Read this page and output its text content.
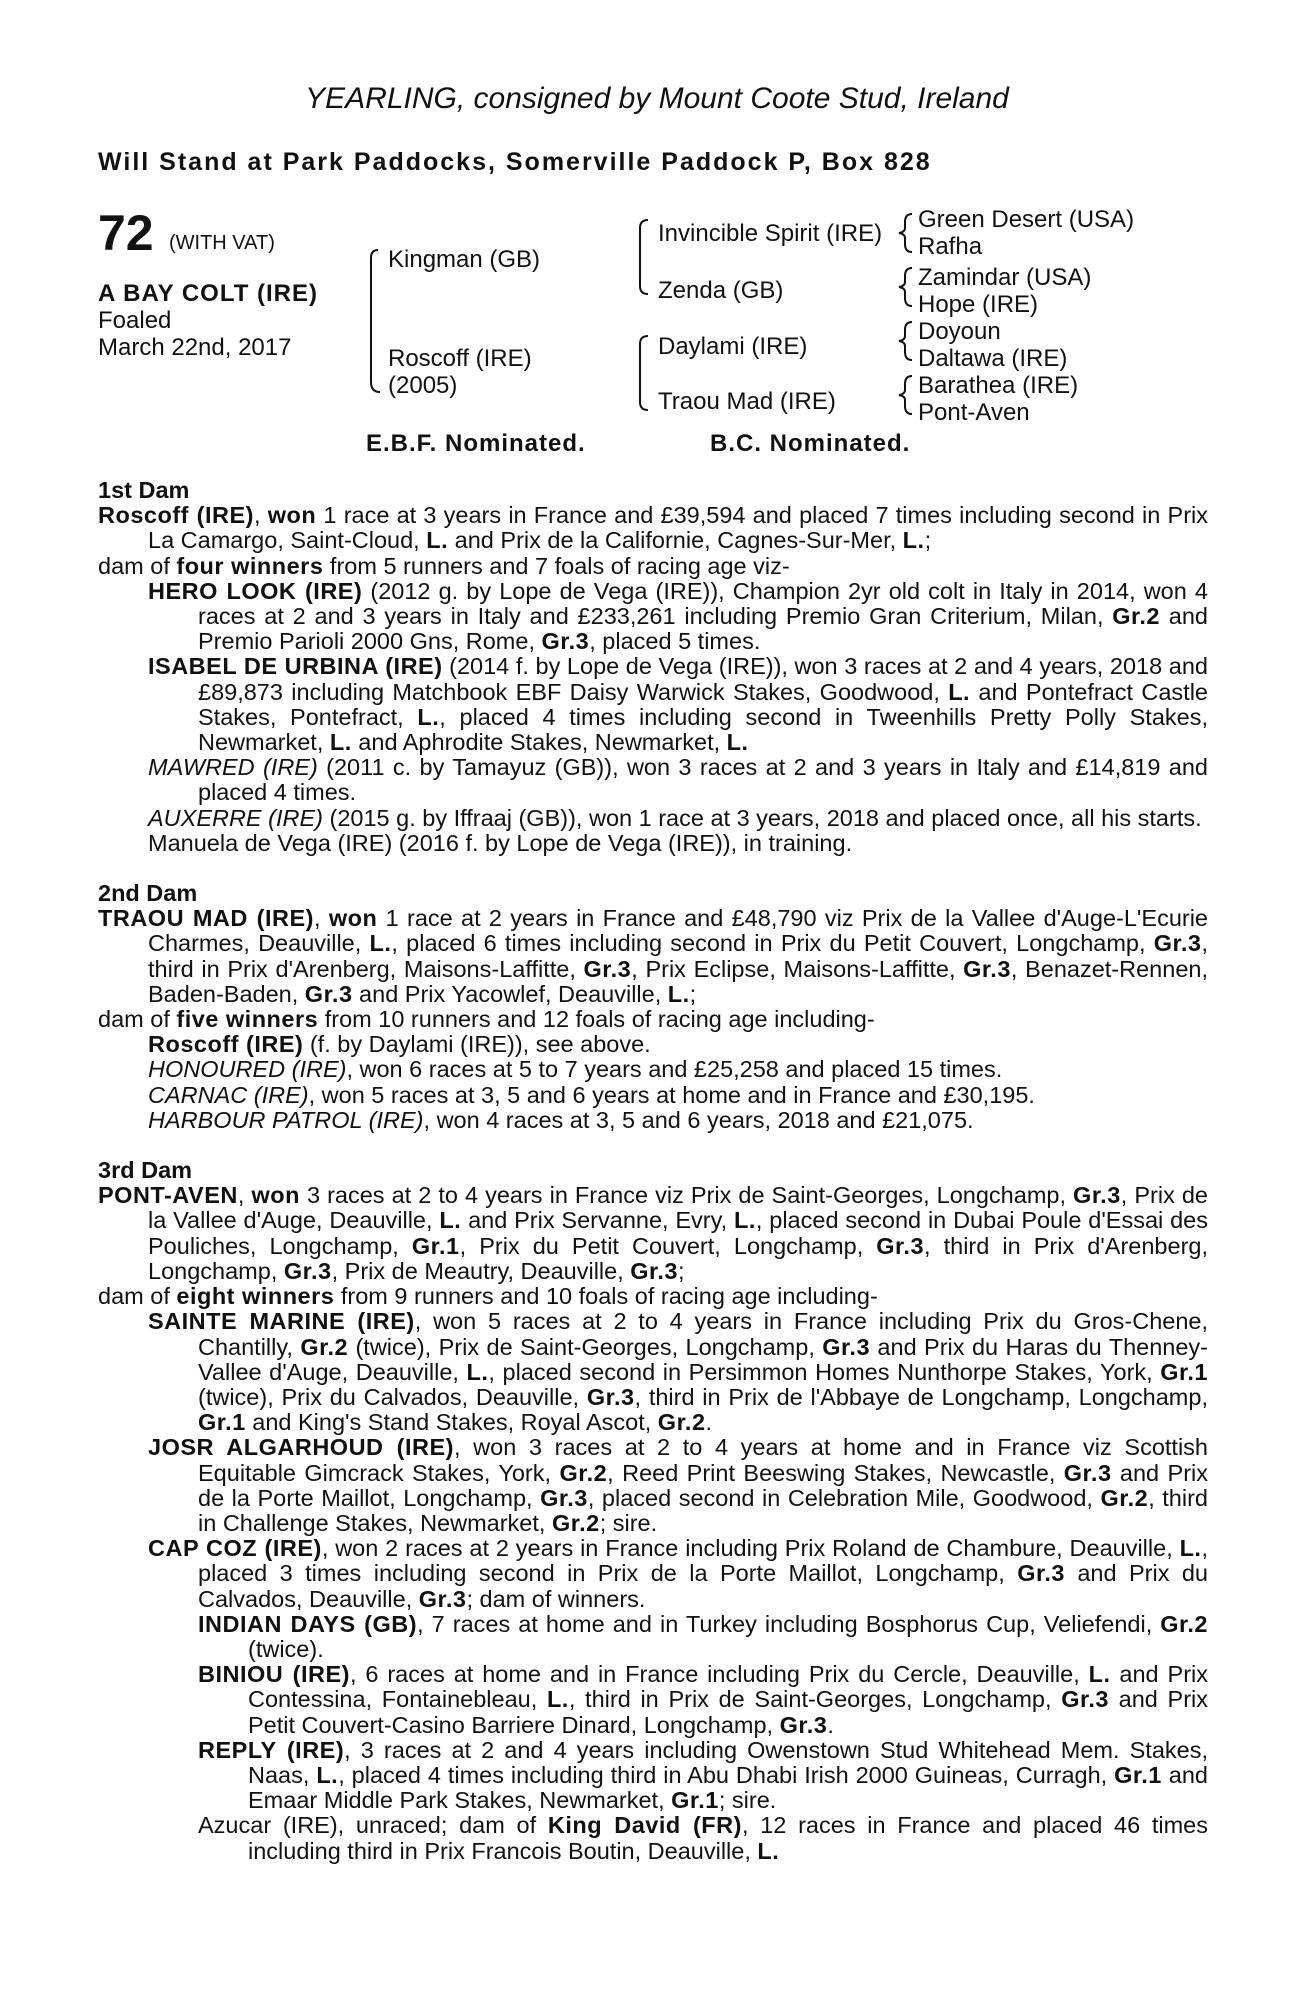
YEARLING, consigned by Mount Coote Stud, Ireland
Will Stand at Park Paddocks, Somerville Paddock P, Box 828
72 (WITH VAT)
A BAY COLT (IRE)
Foaled
March 22nd, 2017
Kingman (GB)
Roscoff (IRE)
(2005)
Invincible Spirit (IRE)
Zenda (GB)
Daylami (IRE)
Traou Mad (IRE)
Green Desert (USA)
Rafha
Zamindar (USA)
Hope (IRE)
Doyoun
Daltawa (IRE)
Barathea (IRE)
Pont-Aven
E.B.F. Nominated.	B.C. Nominated.
1st Dam

Roscoff (IRE), won 1 race at 3 years in France and £39,594 and placed 7 times including second in Prix La Camargo, Saint-Cloud, L. and Prix de la Californie, Cagnes-Sur-Mer, L.;

dam of four winners from 5 runners and 7 foals of racing age viz-

HERO LOOK (IRE) (2012 g. by Lope de Vega (IRE)), Champion 2yr old colt in Italy in 2014, won 4 races at 2 and 3 years in Italy and £233,261 including Premio Gran Criterium, Milan, Gr.2 and Premio Parioli 2000 Gns, Rome, Gr.3, placed 5 times.

ISABEL DE URBINA (IRE) (2014 f. by Lope de Vega (IRE)), won 3 races at 2 and 4 years, 2018 and £89,873 including Matchbook EBF Daisy Warwick Stakes, Goodwood, L. and Pontefract Castle Stakes, Pontefract, L., placed 4 times including second in Tweenhills Pretty Polly Stakes, Newmarket, L. and Aphrodite Stakes, Newmarket, L.

MAWRED (IRE) (2011 c. by Tamayuz (GB)), won 3 races at 2 and 3 years in Italy and £14,819 and placed 4 times.

AUXERRE (IRE) (2015 g. by Iffraaj (GB)), won 1 race at 3 years, 2018 and placed once, all his starts.

Manuela de Vega (IRE) (2016 f. by Lope de Vega (IRE)), in training.

2nd Dam

TRAOU MAD (IRE), won 1 race at 2 years in France and £48,790 viz Prix de la Vallee d'Auge-L'Ecurie Charmes, Deauville, L., placed 6 times including second in Prix du Petit Couvert, Longchamp, Gr.3, third in Prix d'Arenberg, Maisons-Laffitte, Gr.3, Prix Eclipse, Maisons-Laffitte, Gr.3, Benazet-Rennen, Baden-Baden, Gr.3 and Prix Yacowlef, Deauville, L.;

dam of five winners from 10 runners and 12 foals of racing age including-

Roscoff (IRE) (f. by Daylami (IRE)), see above.

HONOURED (IRE), won 6 races at 5 to 7 years and £25,258 and placed 15 times.

CARNAC (IRE), won 5 races at 3, 5 and 6 years at home and in France and £30,195.

HARBOUR PATROL (IRE), won 4 races at 3, 5 and 6 years, 2018 and £21,075.

3rd Dam

PONT-AVEN, won 3 races at 2 to 4 years in France viz Prix de Saint-Georges, Longchamp, Gr.3, Prix de la Vallee d'Auge, Deauville, L. and Prix Servanne, Evry, L., placed second in Dubai Poule d'Essai des Pouliches, Longchamp, Gr.1, Prix du Petit Couvert, Longchamp, Gr.3, third in Prix d'Arenberg, Longchamp, Gr.3, Prix de Meautry, Deauville, Gr.3;

dam of eight winners from 9 runners and 10 foals of racing age including-

SAINTE MARINE (IRE), won 5 races at 2 to 4 years in France including Prix du Gros-Chene, Chantilly, Gr.2 (twice), Prix de Saint-Georges, Longchamp, Gr.3 and Prix du Haras du Thenney-Vallee d'Auge, Deauville, L., placed second in Persimmon Homes Nunthorpe Stakes, York, Gr.1 (twice), Prix du Calvados, Deauville, Gr.3, third in Prix de l'Abbaye de Longchamp, Longchamp, Gr.1 and King's Stand Stakes, Royal Ascot, Gr.2.

JOSR ALGARHOUD (IRE), won 3 races at 2 to 4 years at home and in France viz Scottish Equitable Gimcrack Stakes, York, Gr.2, Reed Print Beeswing Stakes, Newcastle, Gr.3 and Prix de la Porte Maillot, Longchamp, Gr.3, placed second in Celebration Mile, Goodwood, Gr.2, third in Challenge Stakes, Newmarket, Gr.2; sire.

CAP COZ (IRE), won 2 races at 2 years in France including Prix Roland de Chambure, Deauville, L., placed 3 times including second in Prix de la Porte Maillot, Longchamp, Gr.3 and Prix du Calvados, Deauville, Gr.3; dam of winners.

INDIAN DAYS (GB), 7 races at home and in Turkey including Bosphorus Cup, Veliefendi, Gr.2 (twice).

BINIOU (IRE), 6 races at home and in France including Prix du Cercle, Deauville, L. and Prix Contessina, Fontainebleau, L., third in Prix de Saint-Georges, Longchamp, Gr.3 and Prix Petit Couvert-Casino Barriere Dinard, Longchamp, Gr.3.

REPLY (IRE), 3 races at 2 and 4 years including Owenstown Stud Whitehead Mem. Stakes, Naas, L., placed 4 times including third in Abu Dhabi Irish 2000 Guineas, Curragh, Gr.1 and Emaar Middle Park Stakes, Newmarket, Gr.1; sire.

Azucar (IRE), unraced; dam of King David (FR), 12 races in France and placed 46 times including third in Prix Francois Boutin, Deauville, L.
